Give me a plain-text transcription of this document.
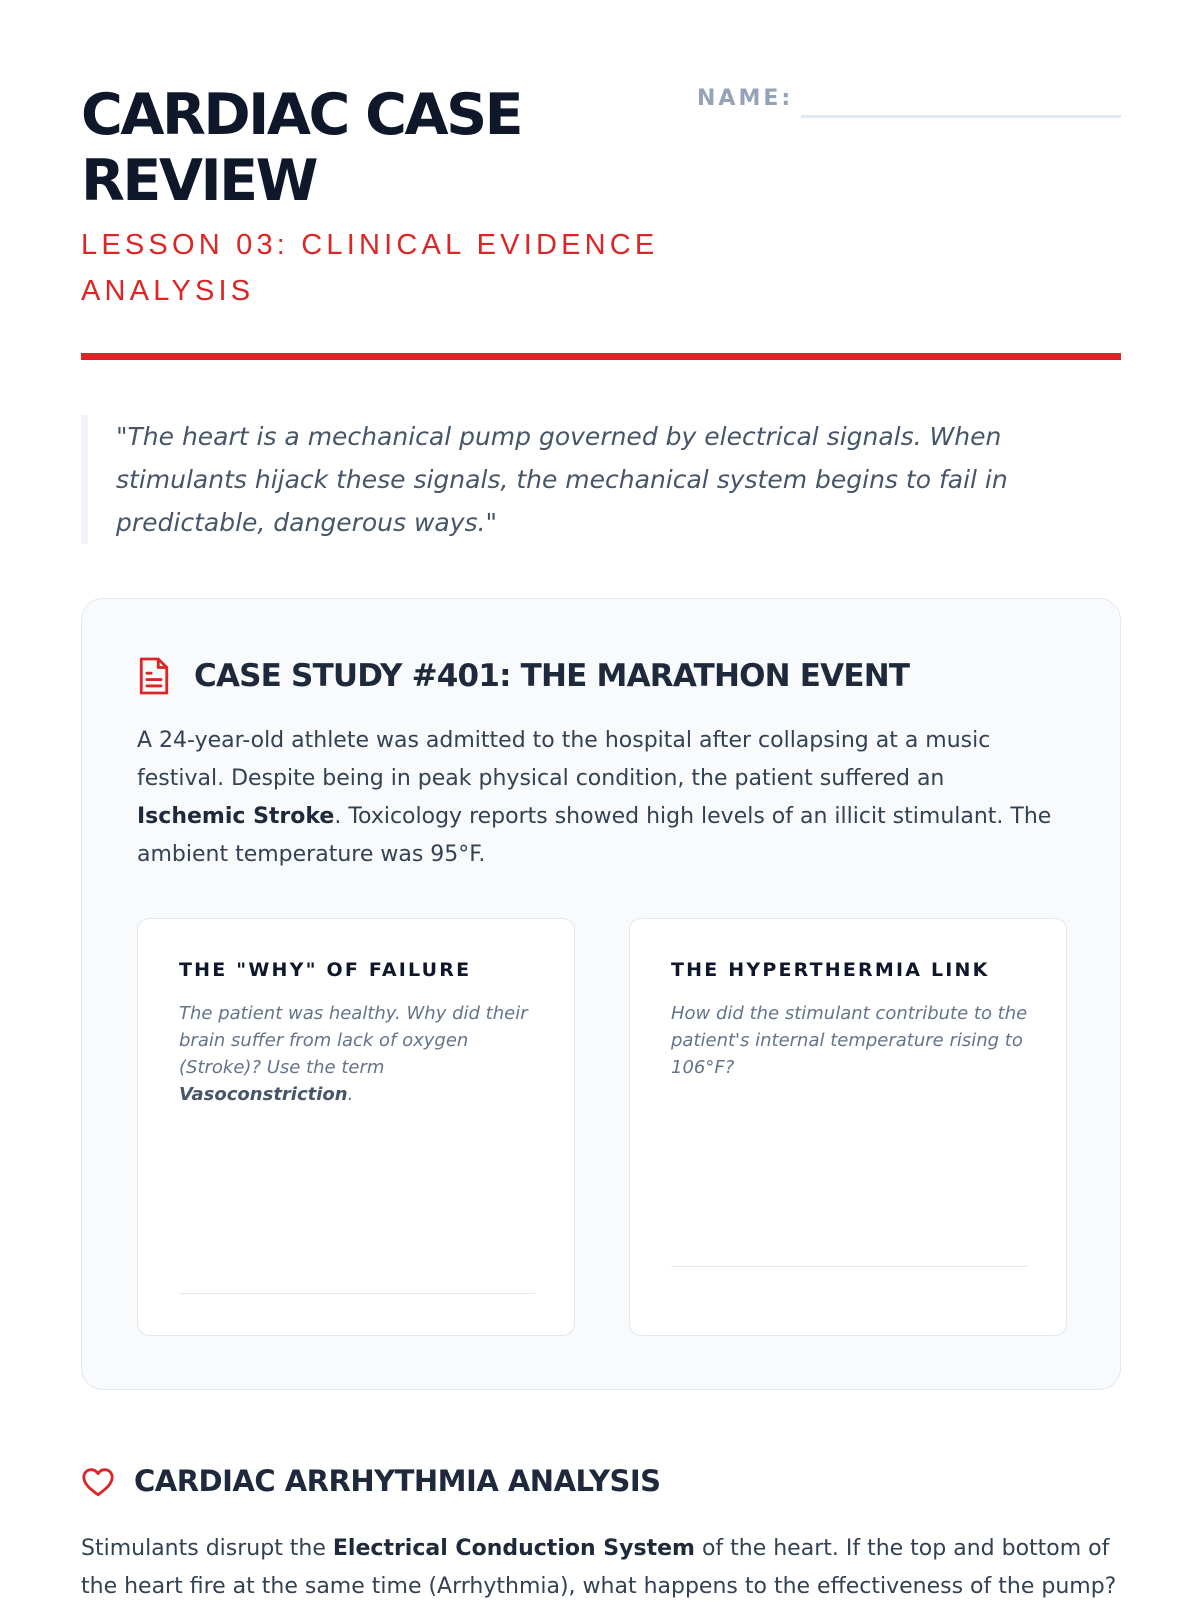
CARDIAC CASE REVIEW
LESSON 03: CLINICAL EVIDENCE ANALYSIS
NAME:
"The heart is a mechanical pump governed by electrical signals. When stimulants hijack these signals, the mechanical system begins to fail in predictable, dangerous ways."
CASE STUDY #401: THE MARATHON EVENT

A 24-year-old athlete was admitted to the hospital after collapsing at a music festival. Despite being in peak physical condition, the patient suffered an Ischemic Stroke. Toxicology reports showed high levels of an illicit stimulant. The ambient temperature was 95°F.

THE "WHY" OF FAILURE
The patient was healthy. Why did their brain suffer from lack of oxygen (Stroke)? Use the term Vasoconstriction.
THE HYPERTHERMIA LINK
How did the stimulant contribute to the patient's internal temperature rising to 106°F?
CARDIAC ARRHYTHMIA ANALYSIS

Stimulants disrupt the Electrical Conduction System of the heart. If the top and bottom of the heart fire at the same time (Arrhythmia), what happens to the effectiveness of the pump?
